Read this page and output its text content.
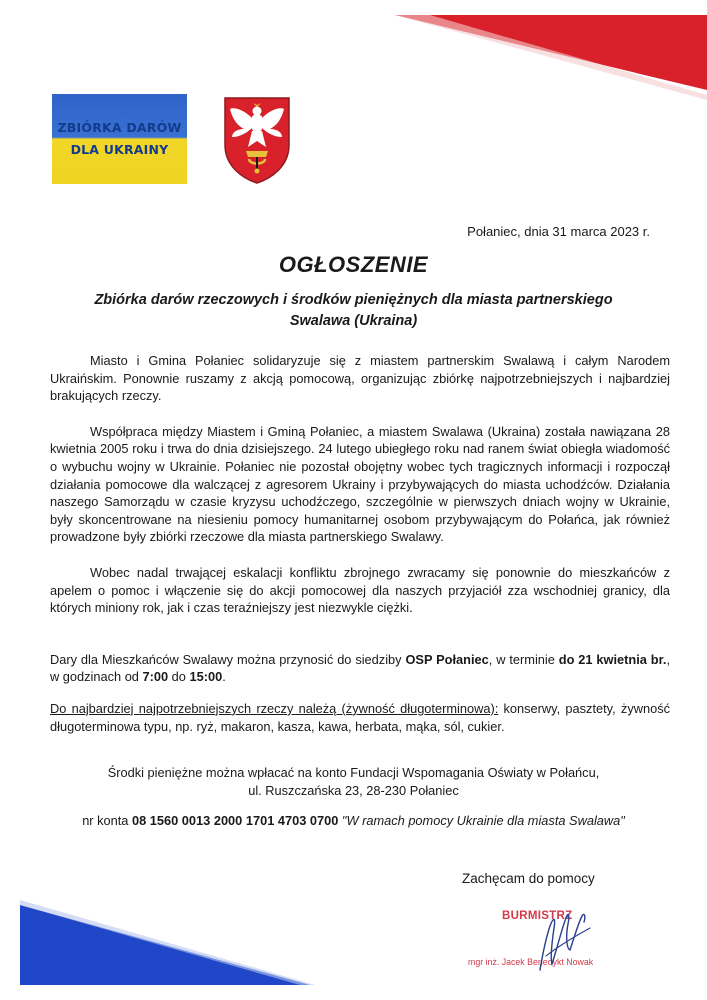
ZBIÓRKA DARÓW
DLA UKRAINY
Połaniec, dnia 31 marca 2023 r.
OGŁOSZENIE
Zbiórka darów rzeczowych i środków pieniężnych dla miasta partnerskiego
Swalawa (Ukraina)

Miasto i Gmina Połaniec solidaryzuje się z miastem partnerskim Swalawą i całym Narodem Ukraińskim. Ponownie ruszamy z akcją pomocową, organizując zbiórkę najpotrzebniejszych i najbardziej brakujących rzeczy.

Współpraca między Miastem i Gminą Połaniec, a miastem Swalawa (Ukraina) została nawiązana 28 kwietnia 2005 roku i trwa do dnia dzisiejszego. 24 lutego ubiegłego roku nad ranem świat obiegła wiadomość o wybuchu wojny w Ukrainie. Połaniec nie pozostał obojętny wobec tych tragicznych informacji i rozpoczął działania pomocowe dla walczącej z agresorem Ukrainy i przybywających do miasta uchodźców. Działania naszego Samorządu w czasie kryzysu uchodźczego, szczególnie w pierwszych dniach wojny w Ukrainie, były skoncentrowane na niesieniu pomocy humanitarnej osobom przybywającym do Połańca, jak również prowadzone były zbiórki rzeczowe dla miasta partnerskiego Swalawy.

Wobec nadal trwającej eskalacji konfliktu zbrojnego zwracamy się ponownie do mieszkańców z apelem o pomoc i włączenie się do akcji pomocowej dla naszych przyjaciół zza wschodniej granicy, dla których miniony rok, jak i czas teraźniejszy jest niezwykle ciężki.

Dary dla Mieszkańców Swalawy można przynosić do siedziby OSP Połaniec, w terminie do 21 kwietnia br., w godzinach od 7:00 do 15:00.

Do najbardziej najpotrzebniejszych rzeczy należą (żywność długoterminowa): konserwy, pasztety, żywność długoterminowa typu, np. ryż, makaron, kasza, kawa, herbata, mąka, sól, cukier.

Środki pieniężne można wpłacać na konto Fundacji Wspomagania Oświaty w Połańcu,
ul. Ruszczańska 23, 28-230 Połaniec
nr konta 08 1560 0013 2000 1701 4703 0700 "W ramach pomocy Ukrainie dla miasta Swalawa"
Zachęcam do pomocy
BURMISTRZ
mgr inż. Jacek Benedykt Nowak
